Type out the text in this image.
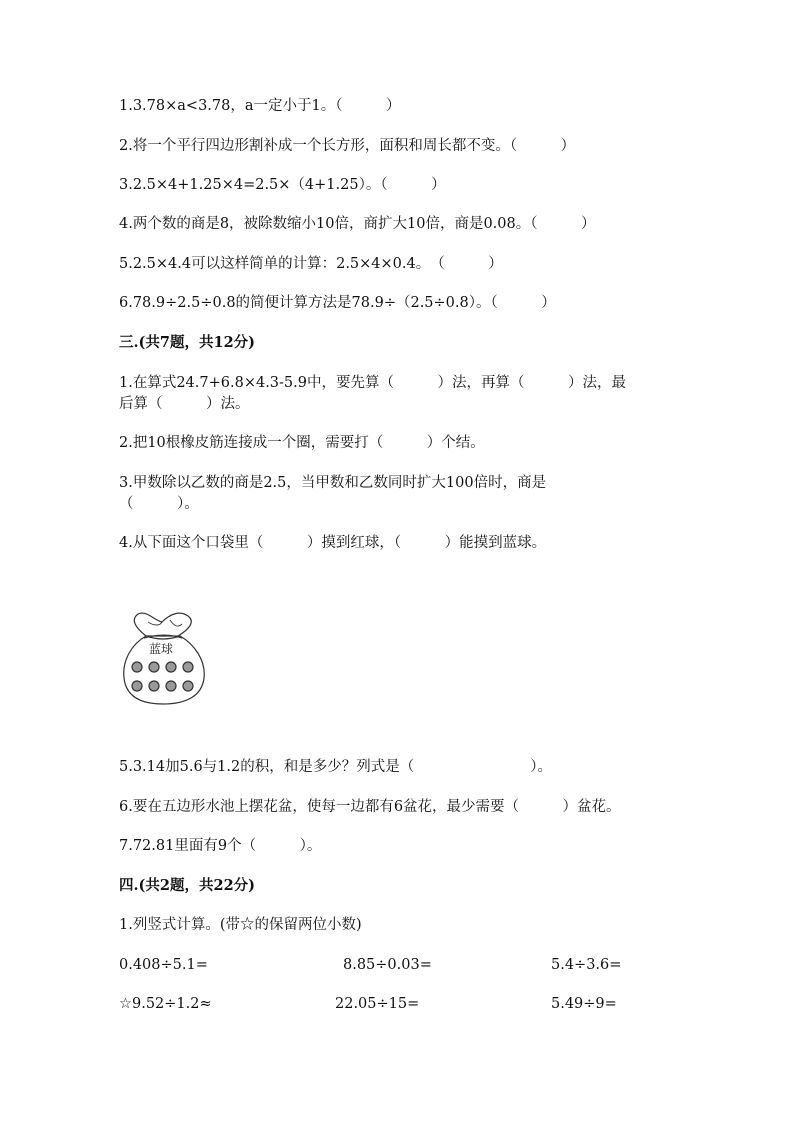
1.3.78×a<3.78，a一定小于1。（　　　）
2.将一个平行四边形割补成一个长方形，面积和周长都不变。（　　　）
3.2.5×4+1.25×4=2.5×（4+1.25）。（　　　）
4.两个数的商是8，被除数缩小10倍，商扩大10倍，商是0.08。（　　　）
5.2.5×4.4可以这样简单的计算：2.5×4×0.4。　（　　　）
6.78.9÷2.5÷0.8的简便计算方法是78.9÷（2.5÷0.8）。（　　　）
三.(共7题，共12分)
1.在算式24.7+6.8×4.3-5.9中，要先算（　　　）法，再算（　　　）法，最
后算（　　　）法。
2.把10根橡皮筋连接成一个圈，需要打（　　　）个结。
3.甲数除以乙数的商是2.5，当甲数和乙数同时扩大100倍时，商是
（　　　）。
4.从下面这个口袋里（　　　）摸到红球，（　　　）能摸到蓝球。
蓝球
5.3.14加5.6与1.2的积，和是多少？列式是（　　　　　　　　）。
6.要在五边形水池上摆花盆，使每一边都有6盆花，最少需要（　　　）盆花。
7.72.81里面有9个（　　　）。
四.(共2题，共22分)
1.列竖式计算。(带☆的保留两位小数)
0.408÷5.1=	8.85÷0.03=	5.4÷3.6=
☆9.52÷1.2≈	22.05÷15=	5.49÷9=
